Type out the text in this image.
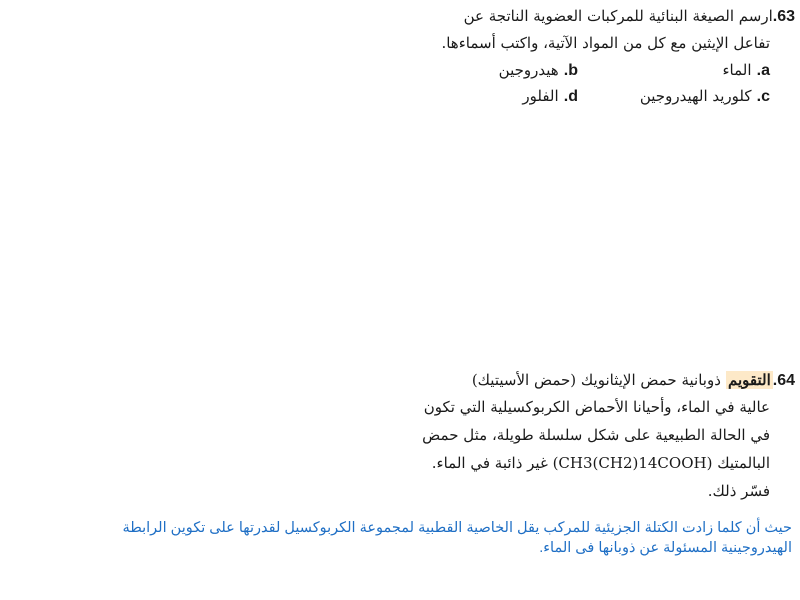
63.ارسم الصيغة البنائية للمركبات العضوية الناتجة عن
تفاعل الإيثين مع كل من المواد الآتية، واكتب أسماءها.
a. الماء
b. هيدروجين
c. كلوريد الهيدروجين
d. الفلور
64.التقويم ذوبانية حمض الإيثانويك (حمض الأسيتيك)
عالية في الماء، وأحيانا الأحماض الكربوكسيلية التي تكون
في الحالة الطبيعية على شكل سلسلة طويلة، مثل حمض
البالمتيك (CH3(CH2)14COOH) غير ذائبة في الماء.
فسّر ذلك.
حيث أن كلما زادت الكتلة الجزيئية للمركب يقل الخاصية القطبية لمجموعة الكربوكسيل لقدرتها على تكوين الرابطة
الهيدروجينية المسئولة عن ذوبانها فى الماء.
